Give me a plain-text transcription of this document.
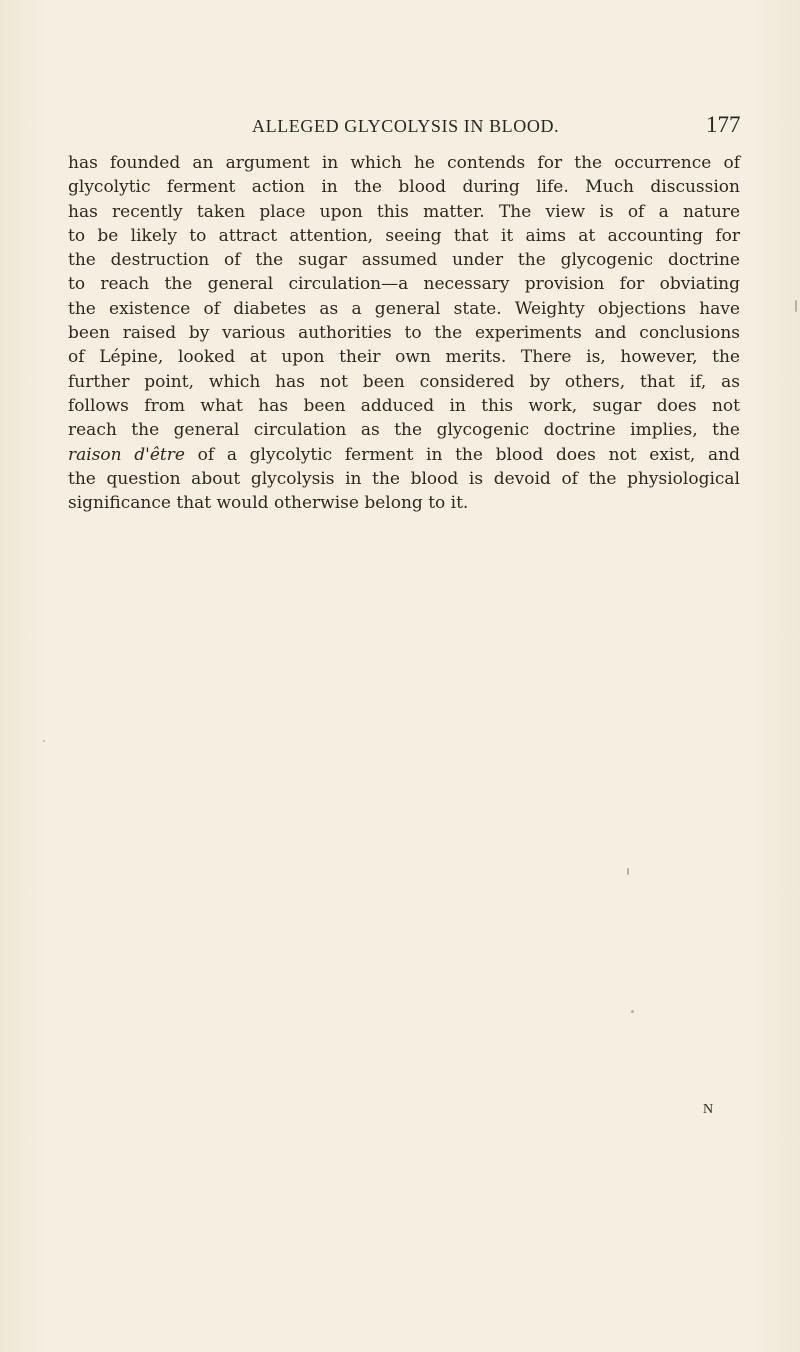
ALLEGED GLYCOLYSIS IN BLOOD.	177
has founded an argument in which he contends for the occurrence of
glycolytic ferment action in the blood during life. Much discussion
has recently taken place upon this matter. The view is of a nature
to be likely to attract attention, seeing that it aims at accounting for
the destruction of the sugar assumed under the glycogenic doctrine
to reach the general circulation—a necessary provision for obviating
the existence of diabetes as a general state. Weighty objections have
been raised by various authorities to the experiments and conclusions
of Lépine, looked at upon their own merits. There is, however, the
further point, which has not been considered by others, that if, as
follows from what has been adduced in this work, sugar does not
reach the general circulation as the glycogenic doctrine implies, the
raison d'être of a glycolytic ferment in the blood does not exist, and
the question about glycolysis in the blood is devoid of the physiological
significance that would otherwise belong to it.
N
